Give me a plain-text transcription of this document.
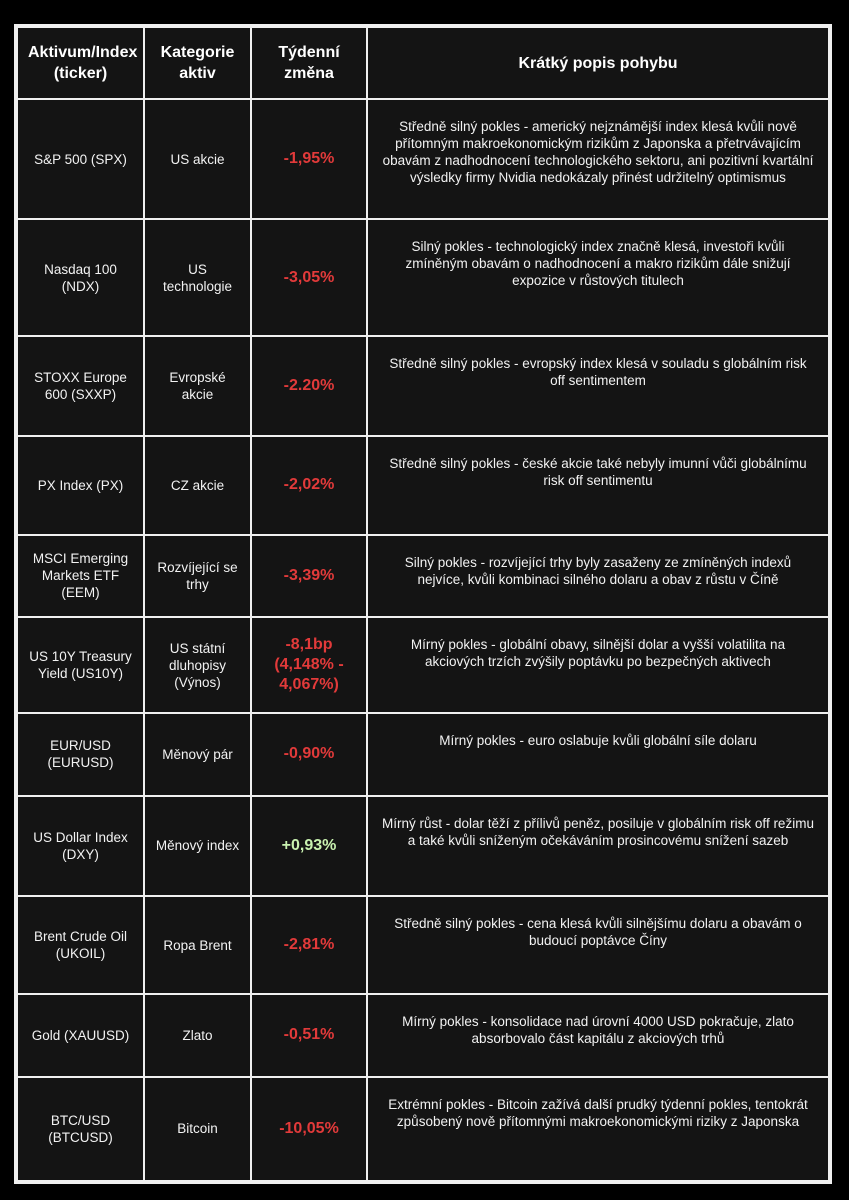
Aktivum/Index (ticker)	Kategorie aktiv	Týdenní změna	Krátký popis pohybu
S&P 500 (SPX)	US akcie	-1,95%	Středně silný pokles - americký nejznámější index klesá kvůli nově přítomným makroekonomickým rizikům z Japonska a přetrvávajícím obavám z nadhodnocení technologického sektoru, ani pozitivní kvartální výsledky firmy Nvidia nedokázaly přinést udržitelný optimismus
Nasdaq 100 (NDX)	US technologie	-3,05%	Silný pokles - technologický index značně klesá, investoři kvůli zmíněným obavám o nadhodnocení a makro rizikům dále snižují expozice v růstových titulech
STOXX Europe 600 (SXXP)	Evropské akcie	-2.20%	Středně silný pokles - evropský index klesá v souladu s globálním risk off sentimentem
PX Index (PX)	CZ akcie	-2,02%	Středně silný pokles - české akcie také nebyly imunní vůči globálnímu risk off sentimentu
MSCI Emerging Markets ETF (EEM)	Rozvíjející se trhy	-3,39%	Silný pokles - rozvíjející trhy byly zasaženy ze zmíněných indexů nejvíce, kvůli kombinaci silného dolaru a obav z růstu v Číně
US 10Y Treasury Yield (US10Y)	US státní dluhopisy (Výnos)	-8,1bp (4,148% - 4,067%)	Mírný pokles - globální obavy, silnější dolar a vyšší volatilita na akciových trzích zvýšily poptávku po bezpečných aktivech
EUR/USD (EURUSD)	Měnový pár	-0,90%	Mírný pokles - euro oslabuje kvůli globální síle dolaru
US Dollar Index (DXY)	Měnový index	+0,93%	Mírný růst - dolar těží z přílivů peněz, posiluje v globálním risk off režimu a také kvůli sníženým očekáváním prosincovému snížení sazeb
Brent Crude Oil (UKOIL)	Ropa Brent	-2,81%	Středně silný pokles - cena klesá kvůli silnějšímu dolaru a obavám o budoucí poptávce Číny
Gold (XAUUSD)	Zlato	-0,51%	Mírný pokles - konsolidace nad úrovní 4000 USD pokračuje, zlato absorbovalo část kapitálu z akciových trhů
BTC/USD (BTCUSD)	Bitcoin	-10,05%	Extrémní pokles - Bitcoin zažívá další prudký týdenní pokles, tentokrát způsobený nově přítomnými makroekonomickými riziky z Japonska
